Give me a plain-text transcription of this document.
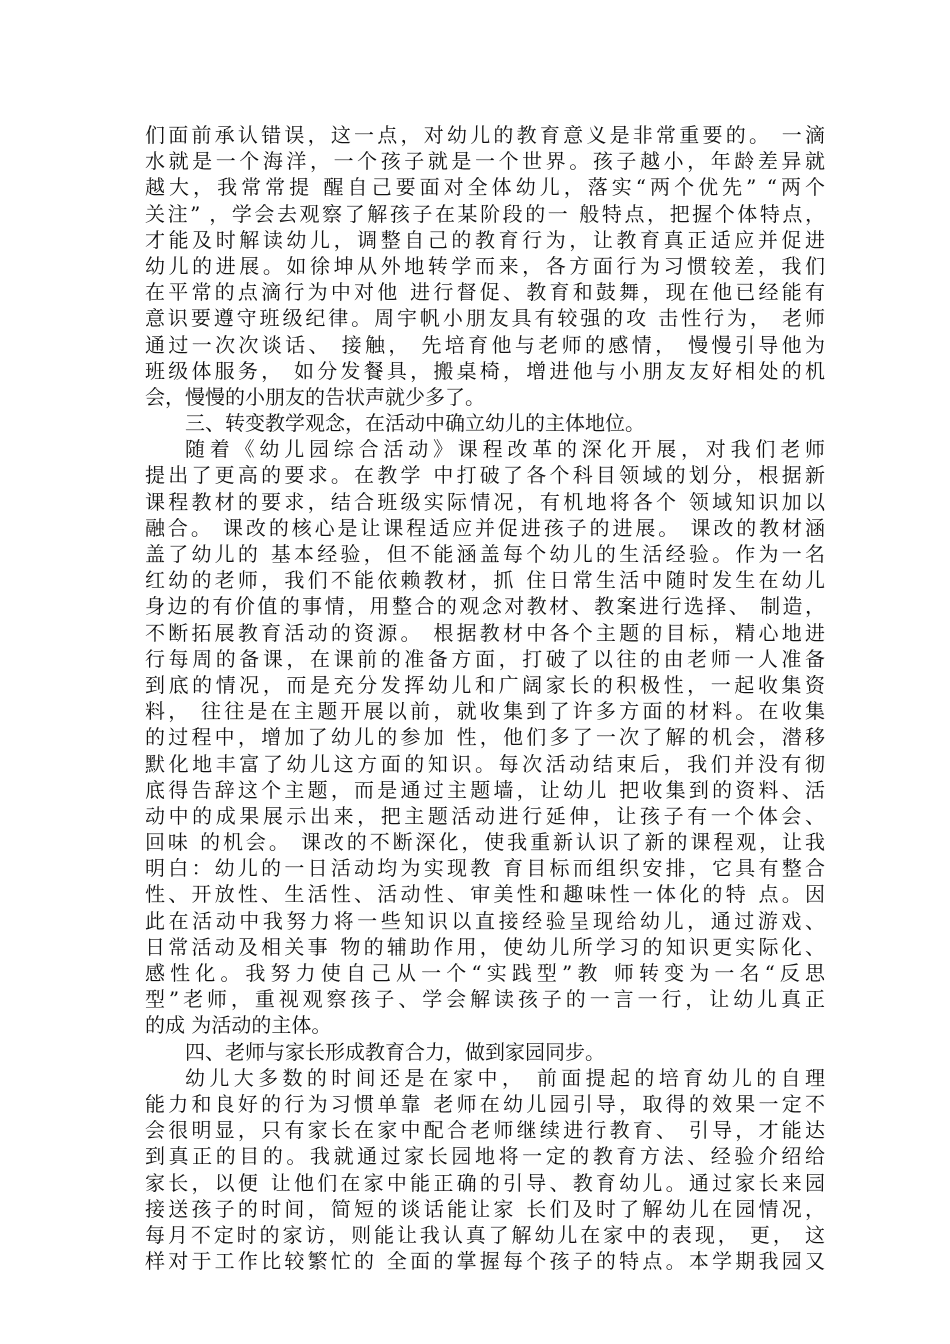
们面前承认错误，这一点，对幼儿的教育意义是非常重要的。 一滴
水就是一个海洋，一个孩子就是一个世界。孩子越小，年龄差异就
越大，我常常提 醒自己要面对全体幼儿，落实“两个优先” “两个
关注” ，学会去观察了解孩子在某阶段的一 般特点，把握个体特点，
才能及时解读幼儿，调整自己的教育行为，让教育真正适应并促进
幼儿的进展。如徐坤从外地转学而来，各方面行为习惯较差，我们
在平常的点滴行为中对他 进行督促、教育和鼓舞，现在他已经能有
意识要遵守班级纪律。周宇帆小朋友具有较强的攻 击性行为， 老师
通过一次次谈话、 接触， 先培育他与老师的感情， 慢慢引导他为
班级体服务， 如分发餐具，搬桌椅，增进他与小朋友友好相处的机
会，慢慢的小朋友的告状声就少多了。
三、转变教学观念，在活动中确立幼儿的主体地位。
随着《幼儿园综合活动》课程改革的深化开展，对我们老师
提出了更高的要求。在教学 中打破了各个科目领域的划分，根据新
课程教材的要求，结合班级实际情况，有机地将各个 领域知识加以
融合。 课改的核心是让课程适应并促进孩子的进展。 课改的教材涵
盖了幼儿的 基本经验，但不能涵盖每个幼儿的生活经验。作为一名
红幼的老师，我们不能依赖教材，抓 住日常生活中随时发生在幼儿
身边的有价值的事情，用整合的观念对教材、教案进行选择、 制造，
不断拓展教育活动的资源。 根据教材中各个主题的目标，精心地进
行每周的备课，在课前的准备方面，打破了以往的由老师一人准备
到底的情况，而是充分发挥幼儿和广阔家长的积极性，一起收集资
料， 往往是在主题开展以前，就收集到了许多方面的材料。在收集
的过程中，增加了幼儿的参加 性，他们多了一次了解的机会，潜移
默化地丰富了幼儿这方面的知识。每次活动结束后，我们并没有彻
底得告辞这个主题，而是通过主题墙，让幼儿 把收集到的资料、活
动中的成果展示出来，把主题活动进行延伸，让孩子有一个体会、
回味 的机会。 课改的不断深化，使我重新认识了新的课程观，让我
明白：幼儿的一日活动均为实现教 育目标而组织安排，它具有整合
性、开放性、生活性、活动性、审美性和趣味性一体化的特 点。因
此在活动中我努力将一些知识以直接经验呈现给幼儿，通过游戏、
日常活动及相关事 物的辅助作用，使幼儿所学习的知识更实际化、
感性化。我努力使自己从一个“实践型”教 师转变为一名“反思
型”老师，重视观察孩子、学会解读孩子的一言一行，让幼儿真正
的成 为活动的主体。
四、老师与家长形成教育合力，做到家园同步。
幼儿大多数的时间还是在家中， 前面提起的培育幼儿的自理
能力和良好的行为习惯单靠 老师在幼儿园引导，取得的效果一定不
会很明显，只有家长在家中配合老师继续进行教育、 引导，才能达
到真正的目的。我就通过家长园地将一定的教育方法、经验介绍给
家长，以便 让他们在家中能正确的引导、教育幼儿。通过家长来园
接送孩子的时间，简短的谈话能让家 长们及时了解幼儿在园情况，
每月不定时的家访，则能让我认真了解幼儿在家中的表现， 更， 这
样对于工作比较繁忙的 全面的掌握每个孩子的特点。本学期我园又
